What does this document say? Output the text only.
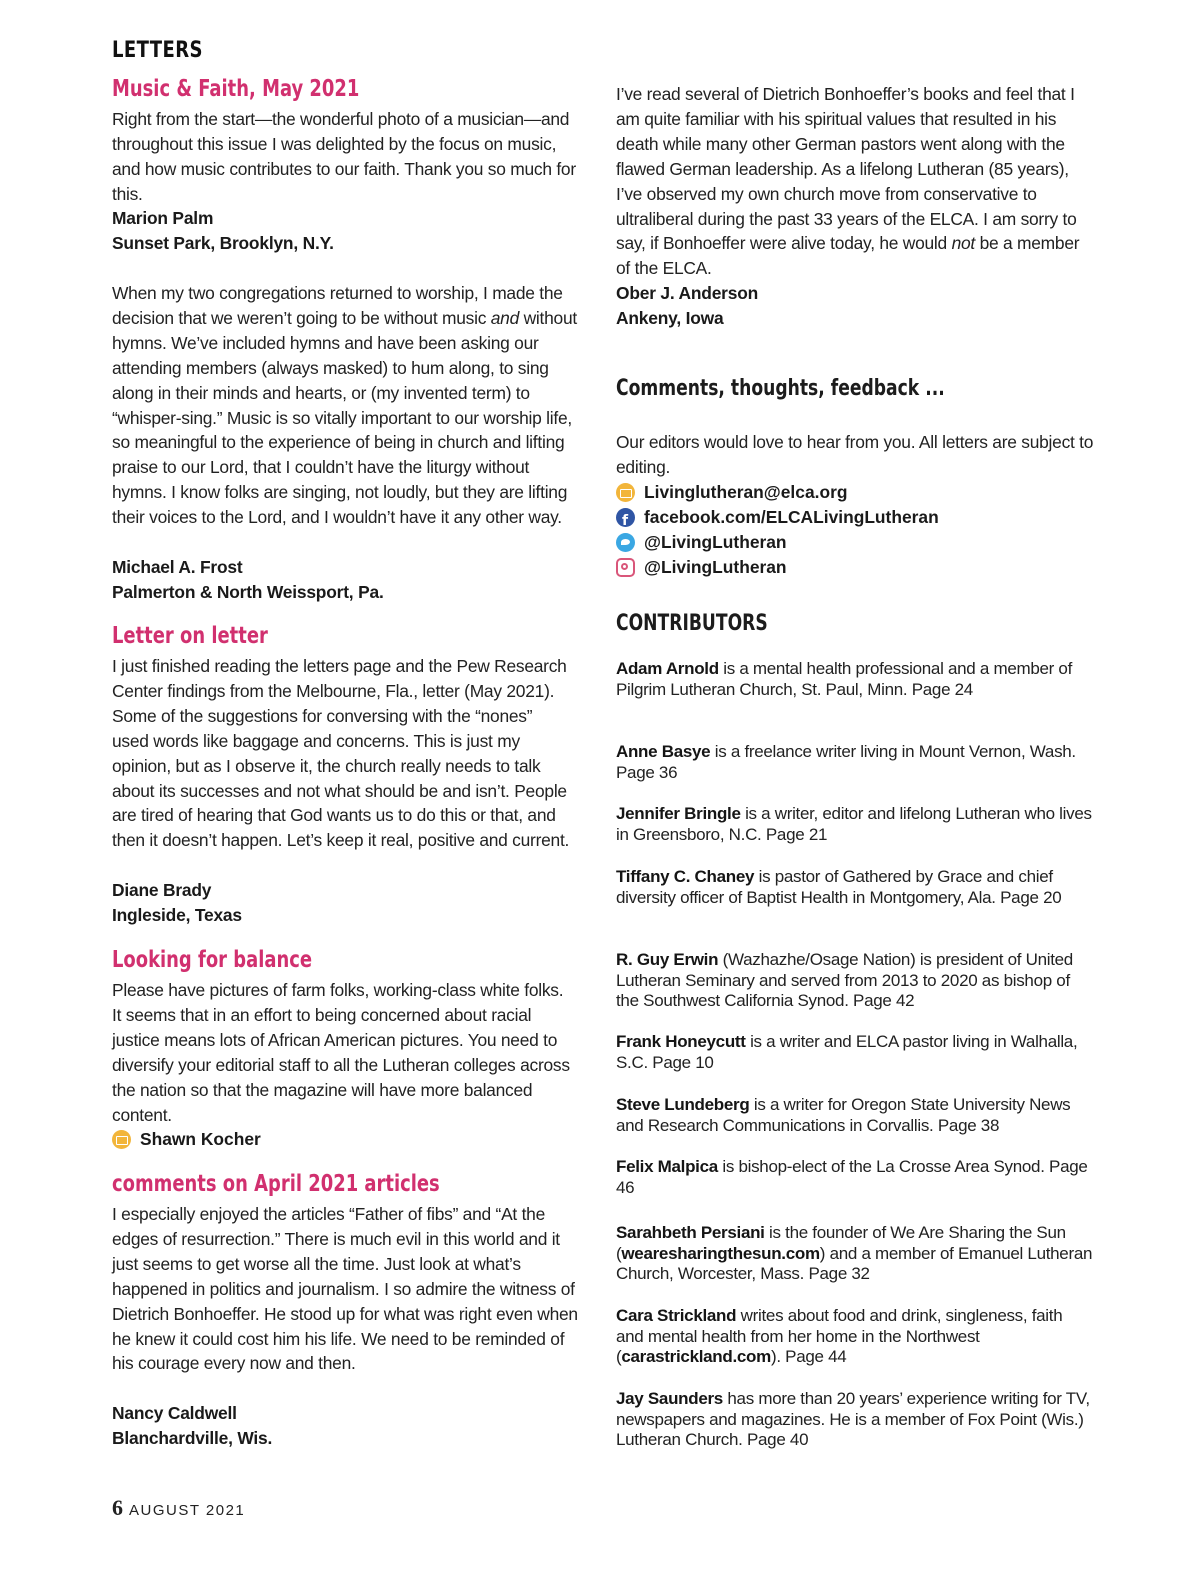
LETTERS
Music & Faith, May 2021

Right from the start—the wonderful photo of a musician—and throughout this issue I was delighted by the focus on music, and how music contributes to our faith. Thank you so much for this.

Marion Palm

Sunset Park, Brooklyn, N.Y.

When my two congregations returned to worship, I made the decision that we weren’t going to be without music and without hymns. We’ve included hymns and have been asking our attending members (always masked) to hum along, to sing along in their minds and hearts, or (my invented term) to “whisper-sing.” Music is so vitally important to our worship life, so meaningful to the experience of being in church and lifting praise to our Lord, that I couldn’t have the liturgy without hymns. I know folks are singing, not loudly, but they are lifting their voices to the Lord, and I wouldn’t have it any other way.

Michael A. Frost

Palmerton & North Weissport, Pa.

Letter on letter

I just finished reading the letters page and the Pew Research Center findings from the Melbourne, Fla., letter (May 2021). Some of the suggestions for conversing with the “nones” used words like baggage and concerns. This is just my opinion, but as I observe it, the church really needs to talk about its successes and not what should be and isn’t. People are tired of hearing that God wants us to do this or that, and then it doesn’t happen. Let’s keep it real, positive and current.

Diane Brady

Ingleside, Texas

Looking for balance

Please have pictures of farm folks, working-class white folks. It seems that in an effort to being concerned about racial justice means lots of African American pictures. You need to diversify your editorial staff to all the Lutheran colleges across the nation so that the magazine will have more balanced content.

Shawn Kocher
comments on April 2021 articles

I especially enjoyed the articles “Father of fibs” and “At the edges of resurrection.” There is much evil in this world and it just seems to get worse all the time. Just look at what’s happened in politics and journalism. I so admire the witness of Dietrich Bonhoeffer. He stood up for what was right even when he knew it could cost him his life. We need to be reminded of his courage every now and then.

Nancy Caldwell

Blanchardville, Wis.

I’ve read several of Dietrich Bonhoeffer’s books and feel that I am quite familiar with his spiritual values that resulted in his death while many other German pastors went along with the flawed German leadership. As a lifelong Lutheran (85 years), I’ve observed my own church move from conservative to ultraliberal during the past 33 years of the ELCA. I am sorry to say, if Bonhoeffer were alive today, he would not be a member of the ELCA.

Ober J. Anderson

Ankeny, Iowa

Comments, thoughts, feedback ...

Our editors would love to hear from you. All letters are subject to editing.

Livinglutheran@elca.org
f
facebook.com/ELCALivingLutheran
@LivingLutheran
@LivingLutheran
CONTRIBUTORS

Adam Arnold is a mental health professional and a member of Pilgrim Lutheran Church, St. Paul, Minn. Page 24

Anne Basye is a freelance writer living in Mount Vernon, Wash. Page 36

Jennifer Bringle is a writer, editor and lifelong Lutheran who lives in Greensboro, N.C. Page 21

Tiffany C. Chaney is pastor of Gathered by Grace and chief diversity officer of Baptist Health in Montgomery, Ala. Page 20

R. Guy Erwin (Wazhazhe/Osage Nation) is president of United Lutheran Seminary and served from 2013 to 2020 as bishop of the Southwest California Synod. Page 42

Frank Honeycutt is a writer and ELCA pastor living in Walhalla, S.C. Page 10

Steve Lundeberg is a writer for Oregon State University News and Research Communications in Corvallis. Page 38

Felix Malpica is bishop-elect of the La Crosse Area Synod. Page 46

Sarahbeth Persiani is the founder of We Are Sharing the Sun (wearesharingthesun.com) and a member of Emanuel Lutheran Church, Worcester, Mass. Page 32

Cara Strickland writes about food and drink, singleness, faith and mental health from her home in the Northwest (carastrickland.com). Page 44

Jay Saunders has more than 20 years’ experience writing for TV, newspapers and magazines. He is a member of Fox Point (Wis.) Lutheran Church. Page 40

6 AUGUST 2021
